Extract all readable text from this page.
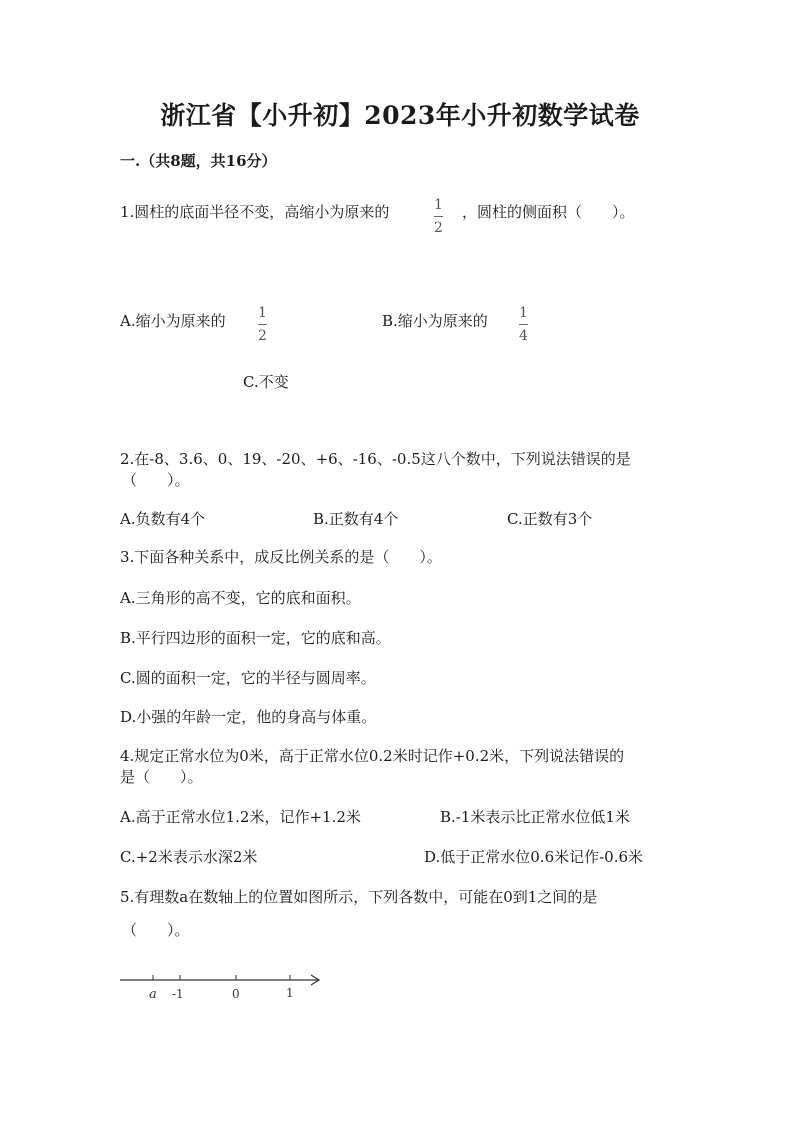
浙江省【小升初】2023年小升初数学试卷
一.（共8题，共16分）
1.圆柱的底面半径不变，高缩小为原来的	1
2
，圆柱的侧面积（　　）。
A.缩小为原来的 1
2
B.缩小为原来的 1
4
C.不变
2.在-8、3.6、0、19、-20、+6、-16、-0.5这八个数中，下列说法错误的是
（　　）。
A.负数有4个	B.正数有4个	C.正数有3个
3.下面各种关系中，成反比例关系的是（　　）。
A.三角形的高不变，它的底和面积。
B.平行四边形的面积一定，它的底和高。
C.圆的面积一定，它的半径与圆周率。
D.小强的年龄一定，他的身高与体重。
4.规定正常水位为0米，高于正常水位0.2米时记作+0.2米，下列说法错误的
是（　　）。
A.高于正常水位1.2米，记作+1.2米	B.-1米表示比正常水位低1米
C.+2米表示水深2米	D.低于正常水位0.6米记作-0.6米
5.有理数a在数轴上的位置如图所示，下列各数中，可能在0到1之间的是
（　　）。
a -1	0	1
